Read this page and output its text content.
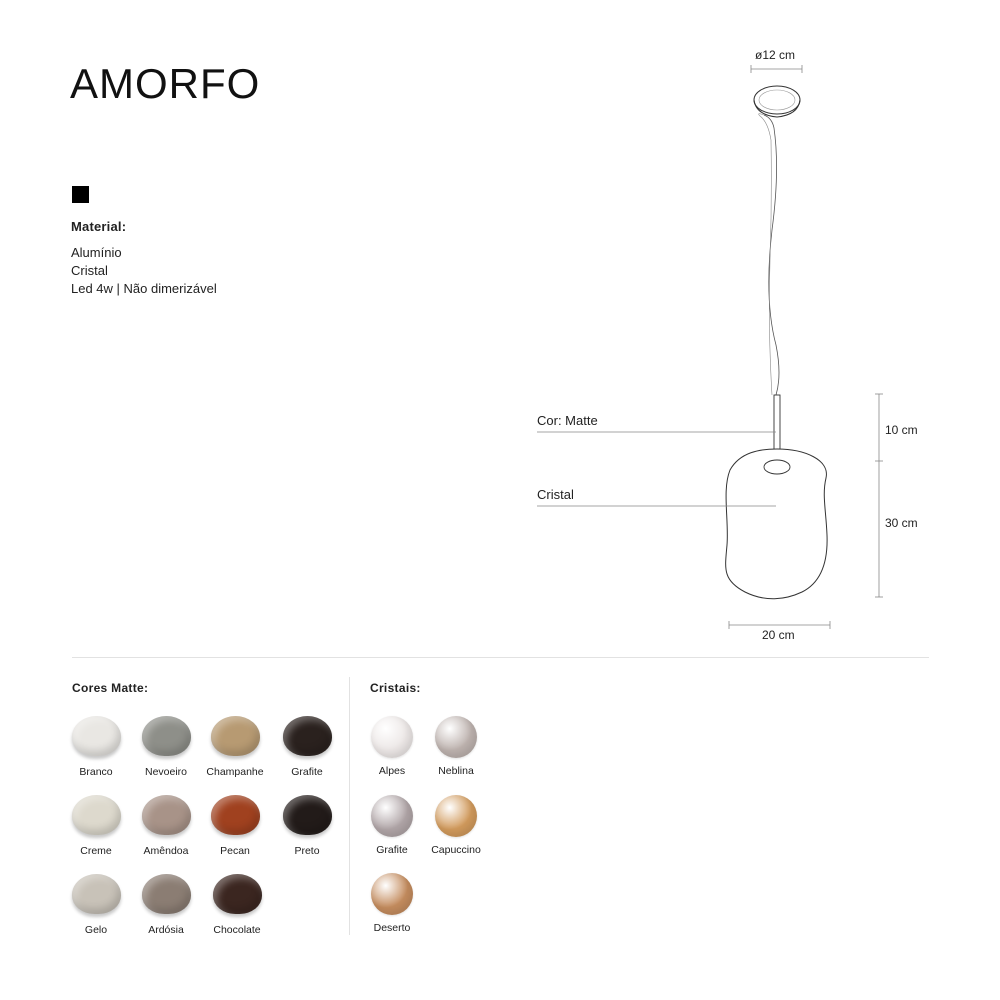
AMORFO
Material:
Alumínio
Cristal
Led 4w | Não dimerizável
ø12 cm
Cor: Matte
Cristal
10 cm
30 cm
20 cm
Cores Matte:
Branco	Nevoeiro	Champanhe	Grafite
Creme	Amêndoa	Pecan	Preto
Gelo	Ardósia	Chocolate
Cristais:
Alpes	Neblina
Grafite	Capuccino
Deserto
